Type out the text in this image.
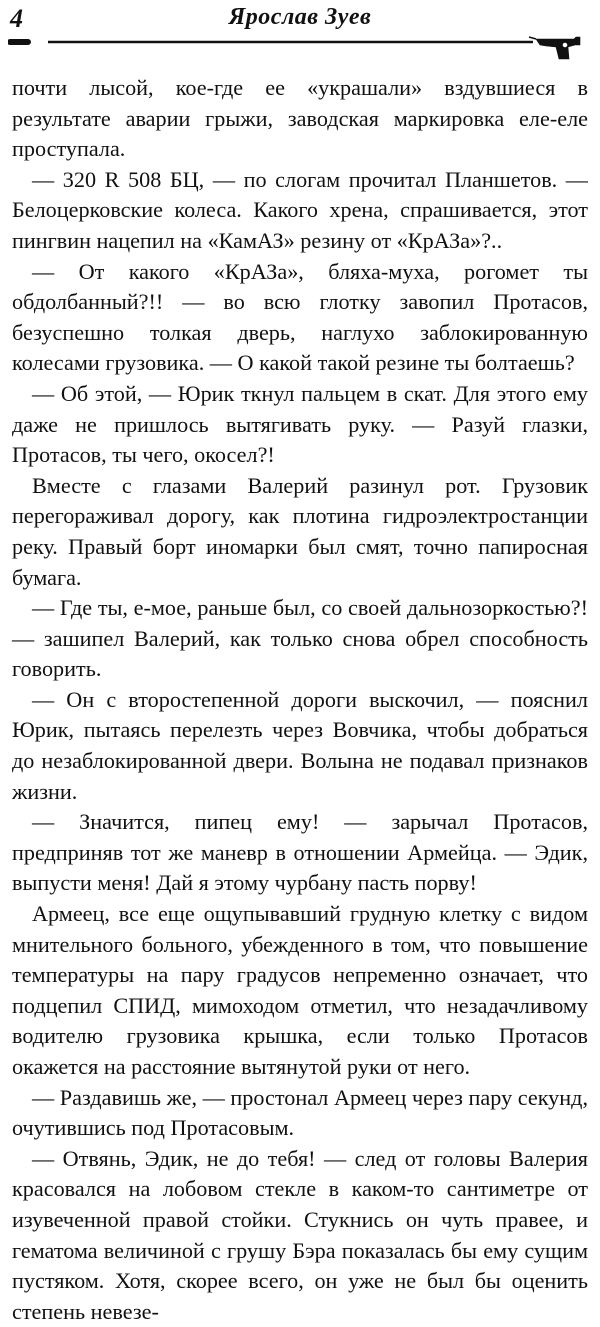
4	Ярослав Зуев

почти лысой, кое-где ее «украшали» вздувшиеся в результате аварии грыжи, заводская маркировка еле-еле проступала.

— 320 R 508 БЦ, — по слогам прочитал Планшетов. — Белоцерковские колеса. Какого хрена, спрашивается, этот пингвин нацепил на «КамАЗ» резину от «КрАЗа»?..

— От какого «КрАЗа», бляха-муха, рогомет ты обдолбанный?!! — во всю глотку завопил Протасов, безуспешно толкая дверь, наглухо заблокированную колесами грузовика. — О какой такой резине ты болтаешь?

— Об этой, — Юрик ткнул пальцем в скат. Для этого ему даже не пришлось вытягивать руку. — Разуй глазки, Протасов, ты чего, окосел?!

Вместе с глазами Валерий разинул рот. Грузовик перегораживал дорогу, как плотина гидроэлектростанции реку. Правый борт иномарки был смят, точно папиросная бумага.

— Где ты, е-мое, раньше был, со своей дальнозоркостью?! — зашипел Валерий, как только снова обрел способность говорить.

— Он с второстепенной дороги выскочил, — пояснил Юрик, пытаясь перелезть через Вовчика, чтобы добраться до незаблокированной двери. Волына не подавал признаков жизни.

— Значится, пипец ему! — зарычал Протасов, предприняв тот же маневр в отношении Армейца. — Эдик, выпусти меня! Дай я этому чурбану пасть порву!

Армеец, все еще ощупывавший грудную клетку с видом мнительного больного, убежденного в том, что повышение температуры на пару градусов непременно означает, что подцепил СПИД, мимоходом отметил, что незадачливому водителю грузовика крышка, если только Протасов окажется на расстояние вытянутой руки от него.

— Раздавишь же, — простонал Армеец через пару секунд, очутившись под Протасовым.

— Отвянь, Эдик, не до тебя! — след от головы Валерия красовался на лобовом стекле в каком-то сантиметре от изувеченной правой стойки. Стукнись он чуть правее, и гематома величиной с грушу Бэра показалась бы ему сущим пустяком. Хотя, скорее всего, он уже не был бы оценить степень невезе-
